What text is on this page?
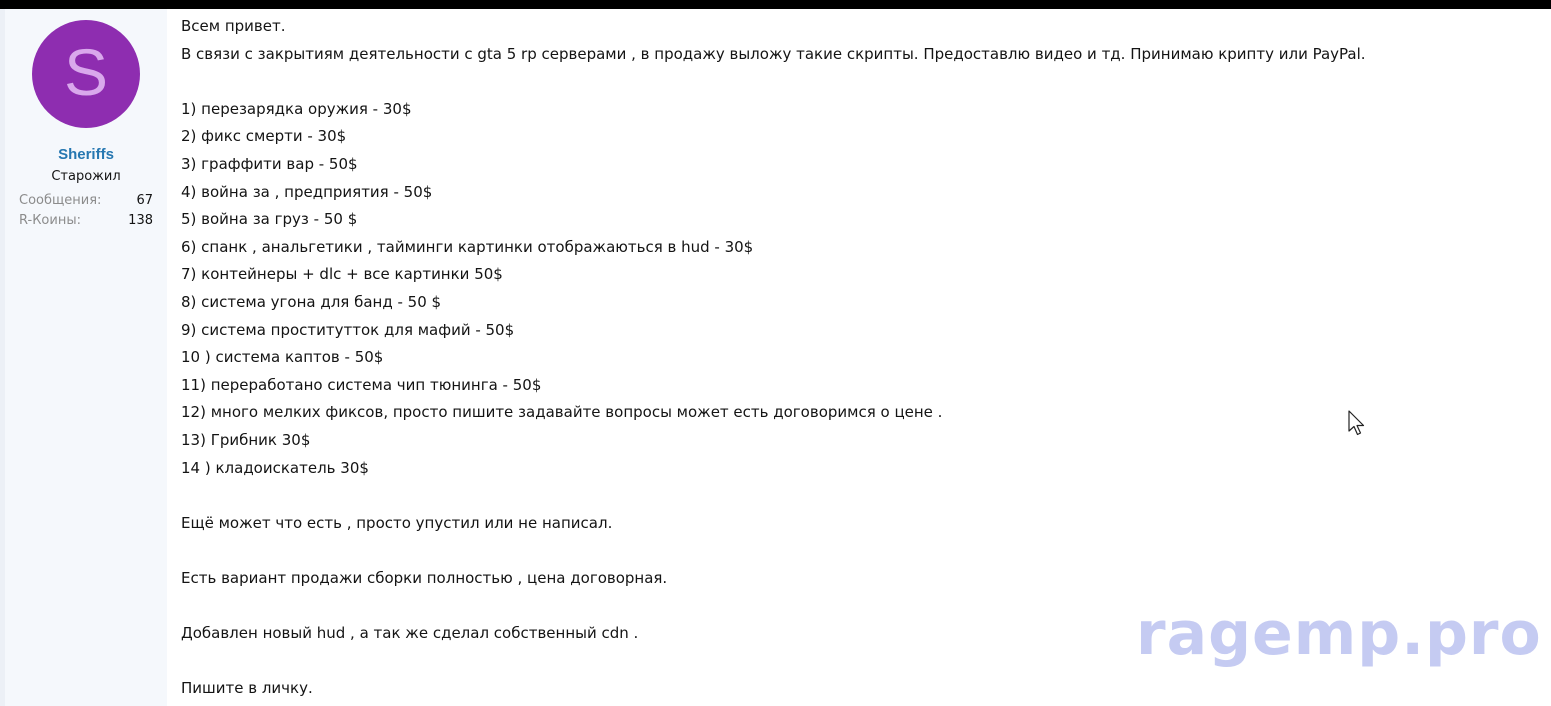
S
Sheriffs
Старожил
Сообщения:	67
R-Коины:	138
Всем привет.
В связи с закрытиям деятельности с gta 5 rp серверами , в продажу выложу такие скрипты. Предоставлю видео и тд. Принимаю крипту или PayPal.
1) перезарядка оружия - 30$
2) фикс смерти - 30$
3) граффити вар - 50$
4) война за , предприятия - 50$
5) война за груз - 50 $
6) спанк , анальгетики , тайминги картинки отображаються в hud - 30$
7) контейнеры + dlc + все картинки 50$
8) система угона для банд - 50 $
9) система проститутток для мафий - 50$
10 ) система каптов - 50$
11) переработано система чип тюнинга - 50$
12) много мелких фиксов, просто пишите задавайте вопросы может есть договоримся о цене .
13) Грибник 30$
14 ) кладоискатель 30$
Ещё может что есть , просто упустил или не написал.
Есть вариант продажи сборки полностью , цена договорная.
Добавлен новый hud , а так же сделал собственный cdn .
Пишите в личку.
ragemp.pro
